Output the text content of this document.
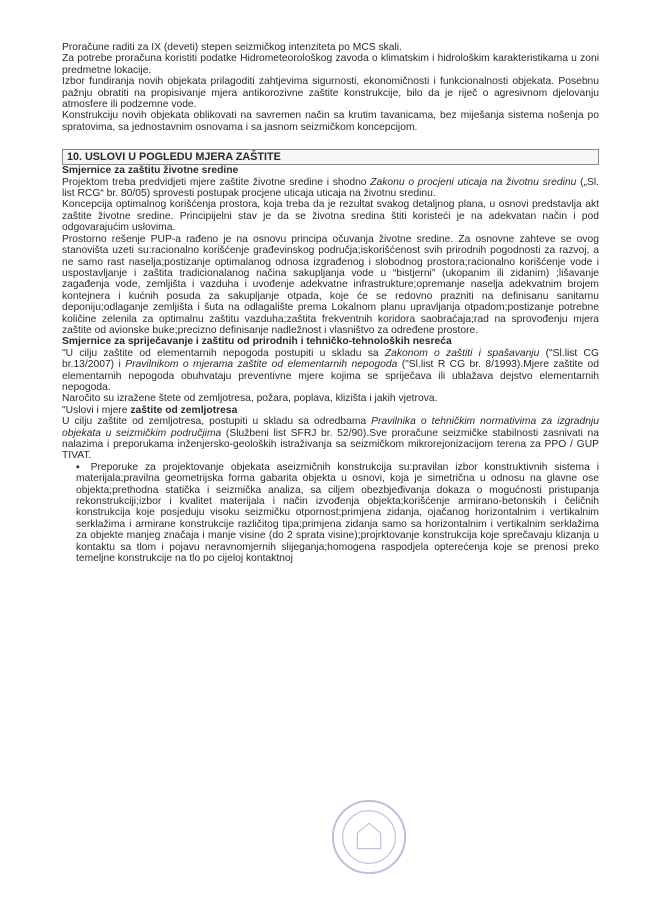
Proračune raditi za IX (deveti) stepen seizmičkog intenziteta po MCS skali.

Za potrebe proračuna koristiti podatke Hidrometeorološkog zavoda o klimatskim i hidrološkim karakteristikama u zoni predmetne lokacije.

Izbor fundiranja novih objekata prilagoditi zahtjevima sigurnosti, ekonomičnosti i funkcionalnosti objekata. Posebnu pažnju obratiti na propisivanje mjera antikorozivne zaštite konstrukcije, bilo da je riječ o agresivnom djelovanju atmosfere ili podzemne vode.

Konstrukciju novih objekata oblikovati na savremen način sa krutim tavanicama, bez miješanja sistema nošenja po spratovima, sa jednostavnim osnovama i sa jasnom seizmičkom koncepcijom.

10. USLOVI U POGLEDU MJERA ZAŠTITE

Smjernice za zaštitu životne sredine

Projektom treba predvidjeti mjere zaštite životne sredine i shodno Zakonu o procjeni uticaja na životnu sredinu („Sl. list RCG“ br. 80/05) sprovesti postupak procjene uticaja uticaja na životnu sredinu.

Koncepcija optimalnog korišćenja prostora, koja treba da je rezultat svakog detaljnog plana, u osnovi predstavlja akt zaštite životne sredine. Principijelni stav je da se životna sredina štiti koristeći je na adekvatan način i pod odgovarajućim uslovima.

Prostorno rešenje PUP-a rađeno je na osnovu principa očuvanja životne sredine. Za osnovne zahteve se ovog stanovišta uzeti su:racionalno korišćenje građevinskog područja;iskorišćenost svih prirodnih pogodnosti za razvoj, a ne samo rast naselja;postizanje optimalanog odnosa izgrađenog i slobodnog prostora;racionalno korišćenje vode i uspostavljanje i zaštita tradicionalanog načina sakupljanja vode u “bistjerni” (ukopanim ili zidanim) ;lišavanje zagađenja vode, zemljišta i vazduha i uvođenje adekvatne infrastrukture;opremanje naselja adekvatnim brojem kontejnera i kućnih posuda za sakupljanje otpada, koje će se redovno prazniti na definisanu sanitarnu deponiju;odlaganje zemljišta i šuta na odlagalište prema Lokalnom planu upravljanja otpadom;postizanje potrebne količine zelenila za optimalnu zaštitu vazduha;zaštita frekventnih koridora saobraćaja;rad na sprovođenju mjera zaštite od avionske buke;precizno definisanje nadležnost i vlasništvo za određene prostore.

Smjernice za spriječavanje i zaštitu od prirodnih i tehničko-tehnoloških nesreća

"U cilju zaštite od elementarnih nepogoda postupiti u skladu sa Zakonom o zaštiti i spašavanju ("Sl.list CG br.13/2007) i Pravilnikom o mjerama zaštite od elementarnih nepogoda ("Sl.list R CG br. 8/1993).Mjere zaštite od elementarnih nepogoda obuhvataju preventivne mjere kojima se spriječava ili ublažava dejstvo elementarnih nepogoda.

Naročito su izražene štete od zemljotresa, požara, poplava, klizišta i jakih vjetrova.

"Uslovi i mjere zaštite od zemljotresa

U cilju zaštite od zemljotresa, postupiti u skladu sa odredbama Pravilnika o tehničkim normativima za izgradnju objekata u seizmičkim područjima (Službeni list SFRJ br. 52/90).Sve proračune seizmičke stabilnosti zasnivati na nalazima i preporukama inženjersko-geoloških istraživanja sa seizmičkom mikrorejonizacijom terena za PPO / GUP TIVAT.

▪ Preporuke za projektovanje objekata aseizmičnih konstrukcija su:pravilan izbor konstruktivnih sistema i materijala;pravilna geometrijska forma gabarita objekta u osnovi, koja je simetrična u odnosu na glavne ose objekta;prethodna statička i seizmička analiza, sa ciljem obezbjeđivanja dokaza o mogućnosti pristupanja rekonstrukciji;izbor i kvalitet materijala i način izvođenja objekta;korišćenje armirano-betonskih i čeličnih konstrukcija koje posjeduju visoku seizmičku otpornost;primjena zidanja, ojačanog horizontalnim i vertikalnim serklažima i armirane konstrukcije različitog tipa;primjena zidanja samo sa horizontalnim i vertikalnim serklažima za objekte manjeg značaja i manje visine (do 2 sprata visine);projrktovanje konstrukcija koje sprečavaju klizanja u kontaktu sa tlom i pojavu neravnomjernih slijeganja;homogena raspodjela opterećenja koje se prenosi preko temeljne konstrukcije na tlo po cijeloj kontaktnoj
